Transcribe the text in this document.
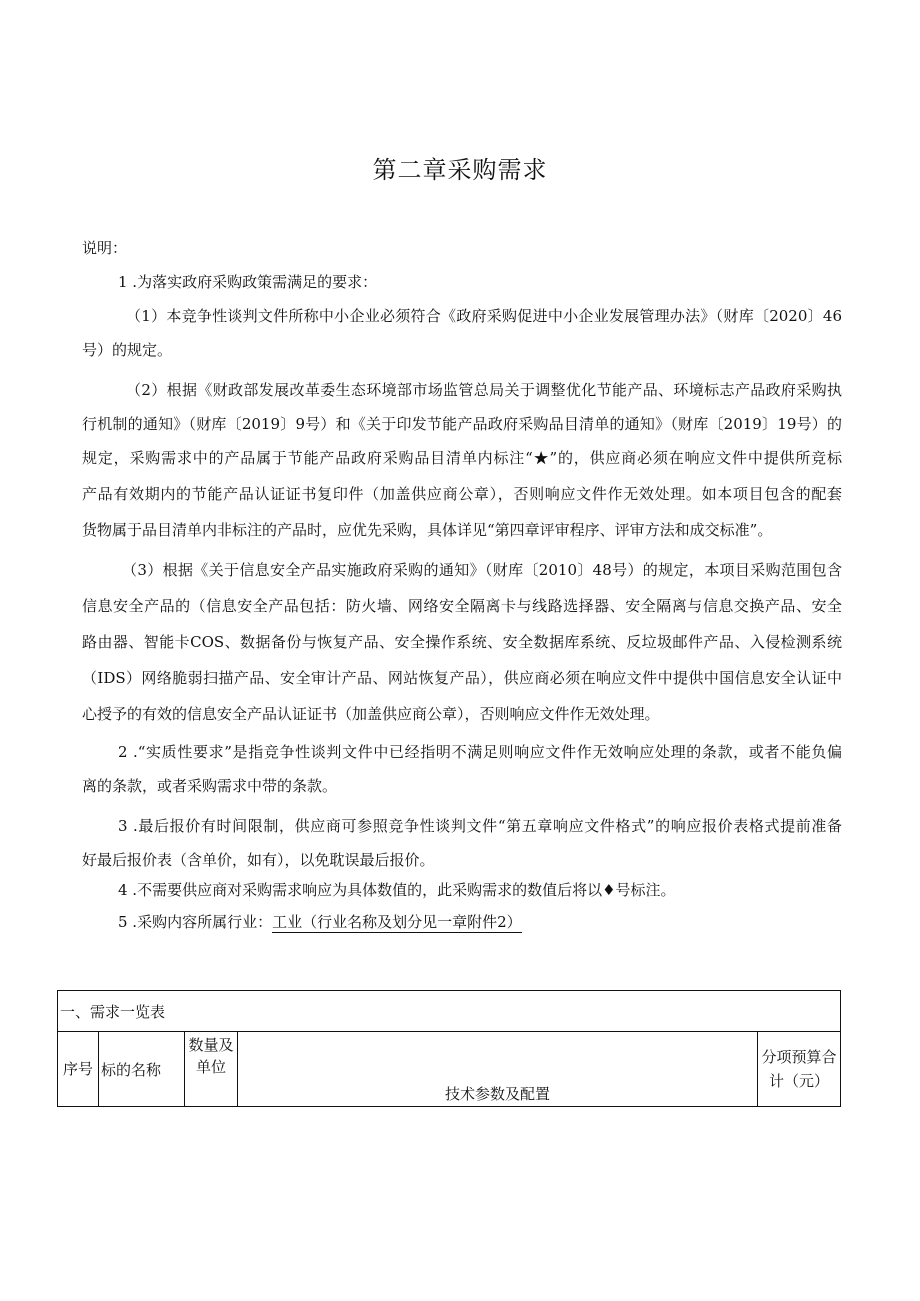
第二章采购需求
说明：
1 .为落实政府采购政策需满足的要求：
（1）本竞争性谈判文件所称中小企业必须符合《政府采购促进中小企业发展管理办法》（财库〔2020〕46
号）的规定。
（2）根据《财政部发展改革委生态环境部市场监管总局关于调整优化节能产品、环境标志产品政府采购执
行机制的通知》（财库〔2019〕9号）和《关于印发节能产品政府采购品目清单的通知》（财库〔2019〕19号）的
规定，采购需求中的产品属于节能产品政府采购品目清单内标注“★”的，供应商必须在响应文件中提供所竞标
产品有效期内的节能产品认证证书复印件（加盖供应商公章），否则响应文件作无效处理。如本项目包含的配套
货物属于品目清单内非标注的产品时，应优先采购，具体详见“第四章评审程序、评审方法和成交标准”。
（3）根据《关于信息安全产品实施政府采购的通知》（财库〔2010〕48号）的规定，本项目采购范围包含
信息安全产品的（信息安全产品包括：防火墙、网络安全隔离卡与线路选择器、安全隔离与信息交换产品、安全
路由器、智能卡COS、数据备份与恢复产品、安全操作系统、安全数据库系统、反垃圾邮件产品、入侵检测系统
（IDS）网络脆弱扫描产品、安全审计产品、网站恢复产品），供应商必须在响应文件中提供中国信息安全认证中
心授予的有效的信息安全产品认证证书（加盖供应商公章），否则响应文件作无效处理。
2 .“实质性要求”是指竞争性谈判文件中已经指明不满足则响应文件作无效响应处理的条款，或者不能负偏
离的条款，或者采购需求中带的条款。
3 .最后报价有时间限制，供应商可参照竞争性谈判文件“第五章响应文件格式”的响应报价表格式提前准备
好最后报价表（含单价，如有），以免耽误最后报价。
4 .不需要供应商对采购需求响应为具体数值的，此采购需求的数值后将以♦号标注。
5 .采购内容所属行业：工业（行业名称及划分见一章附件2）
一、需求一览表
序号	标的名称	数量及单位	技术参数及配置	分项预算合计（元）
